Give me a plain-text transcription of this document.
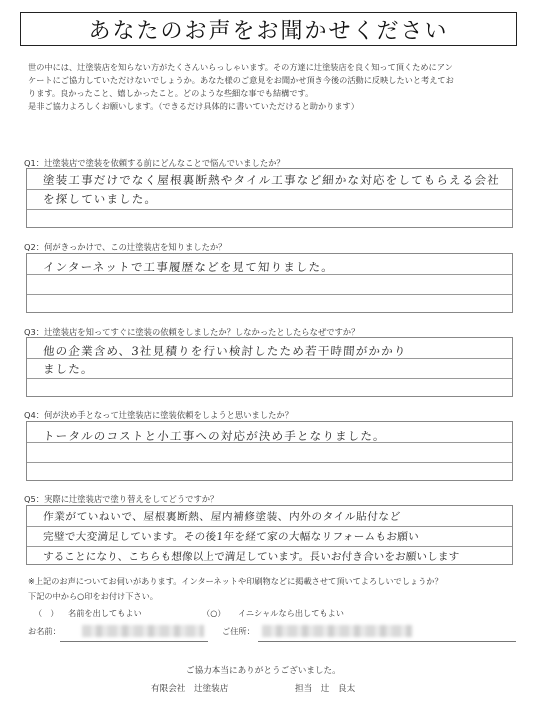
あなたのお声をお聞かせください
世の中には、辻塗装店を知らない方がたくさんいらっしゃいます。その方達に辻塗装店を良く知って頂くためにアン
ケートにご協力していただけないでしょうか。あなた様のご意見をお聞かせ頂き今後の活動に反映したいと考えてお
ります。良かったこと、嬉しかったこと。どのような些細な事でも結構です。
是非ご協力よろしくお願いします。（できるだけ具体的に書いていただけると助かります）
Q1：辻塗装店で塗装を依頼する前にどんなことで悩んでいましたか？
塗装工事だけでなく屋根裏断熱やタイル工事など細かな対応をしてもらえる会社
を探していました。
Q2：何がきっかけで、この辻塗装店を知りましたか？
インターネットで工事履歴などを見て知りました。
Q3：辻塗装店を知ってすぐに塗装の依頼をしましたか？しなかったとしたらなぜですか？
他の企業含め、3社見積りを行い検討したため若干時間がかかり
ました。
Q4：何が決め手となって辻塗装店に塗装依頼をしようと思いましたか？
トータルのコストと小工事への対応が決め手となりました。
Q5：実際に辻塗装店で塗り替えをしてどうですか？
作業がていねいで、屋根裏断熱、屋内補修塗装、内外のタイル貼付など
完璧で大変満足しています。その後1年を経て家の大幅なリフォームもお願い
することになり、こちらも想像以上で満足しています。長いお付き合いをお願いします
※上記のお声についてお伺いがあります。インターネットや印刷物などに掲載させて頂いてよろしいでしょうか？
下記の中から○印をお付け下さい。
（　） 名前を出してもよい	（○） イニシャルなら出してもよい
お名前：	ご住所：
ご協力本当にありがとうございました。
有限会社　辻塗装店	担当　辻　良太
